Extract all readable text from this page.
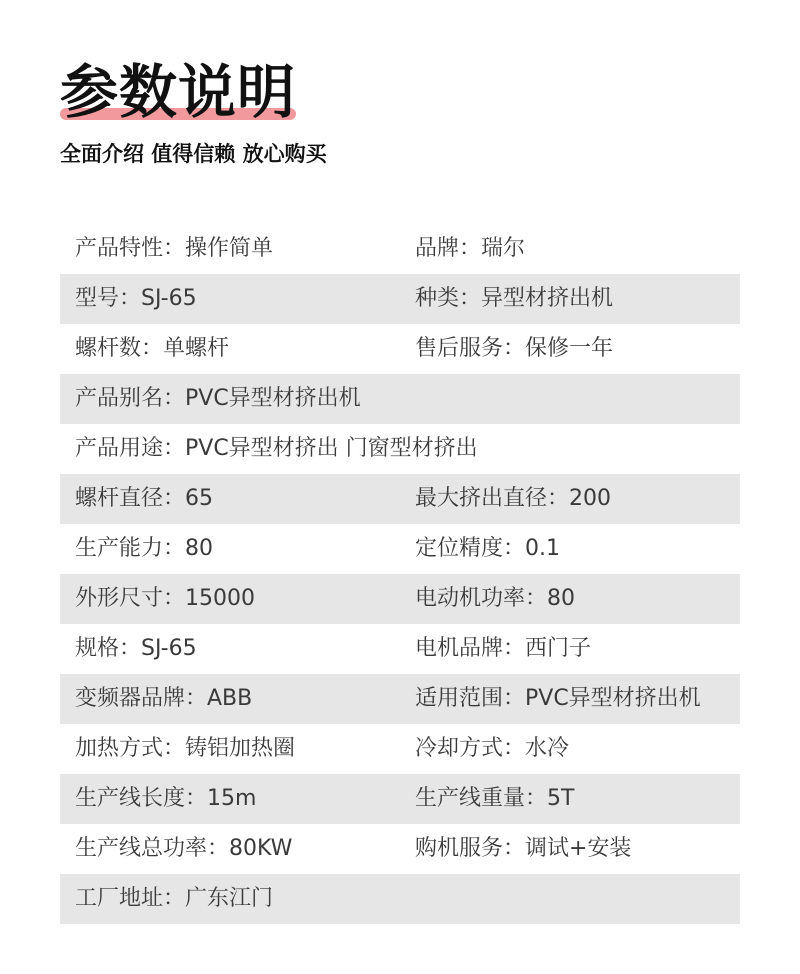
参数说明

全面介绍 值得信赖 放心购买

产品特性：操作简单	品牌：瑞尔
型号：SJ-65	种类：异型材挤出机
螺杆数：单螺杆	售后服务：保修一年
产品别名：PVC异型材挤出机
产品用途：PVC异型材挤出 门窗型材挤出
螺杆直径：65	最大挤出直径：200
生产能力：80	定位精度：0.1
外形尺寸：15000	电动机功率：80
规格：SJ-65	电机品牌：西门子
变频器品牌：ABB	适用范围：PVC异型材挤出机
加热方式：铸铝加热圈	冷却方式：水冷
生产线长度：15m	生产线重量：5T
生产线总功率：80KW	购机服务：调试+安装
工厂地址：广东江门
